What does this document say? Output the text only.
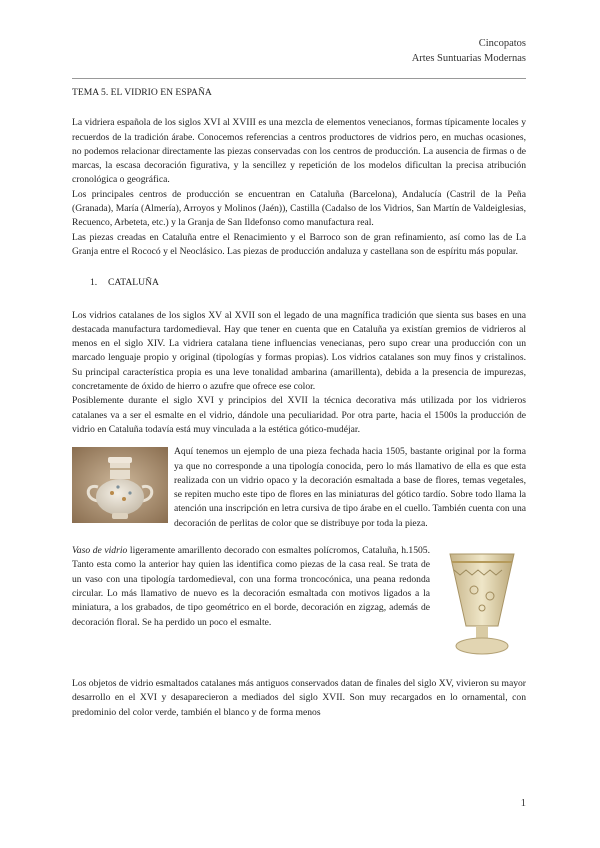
Cincopatos
Artes Suntuarias Modernas

TEMA 5. EL VIDRIO EN ESPAÑA

La vidriera española de los siglos XVI al XVIII es una mezcla de elementos venecianos, formas típicamente locales y recuerdos de la tradición árabe. Conocemos referencias a centros productores de vidrios pero, en muchas ocasiones, no podemos relacionar directamente las piezas conservadas con los centros de producción. La ausencia de firmas o de marcas, la escasa decoración figurativa, y la sencillez y repetición de los modelos dificultan la precisa atribución cronológica o geográfica.

Los principales centros de producción se encuentran en Cataluña (Barcelona), Andalucía (Castril de la Peña (Granada), María (Almería), Arroyos y Molinos (Jaén)), Castilla (Cadalso de los Vidrios, San Martín de Valdeiglesias, Recuenco, Arbeteta, etc.) y la Granja de San Ildefonso como manufactura real.

Las piezas creadas en Cataluña entre el Renacimiento y el Barroco son de gran refinamiento, así como las de La Granja entre el Rococó y el Neoclásico. Las piezas de producción andaluza y castellana son de espíritu más popular.

1. CATALUÑA

Los vidrios catalanes de los siglos XV al XVII son el legado de una magnífica tradición que sienta sus bases en una destacada manufactura tardomedieval. Hay que tener en cuenta que en Cataluña ya existían gremios de vidrieros al menos en el siglo XIV. La vidriera catalana tiene influencias venecianas, pero supo crear una producción con un marcado lenguaje propio y original (tipologías y formas propias). Los vidrios catalanes son muy finos y cristalinos. Su principal característica propia es una leve tonalidad ambarina (amarillenta), debida a la presencia de impurezas, concretamente de óxido de hierro o azufre que ofrece ese color.

Posiblemente durante el siglo XVI y principios del XVII la técnica decorativa más utilizada por los vidrieros catalanes va a ser el esmalte en el vidrio, dándole una peculiaridad. Por otra parte, hacia el 1500s la producción de vidrio en Cataluña todavía está muy vinculada a la estética gótico-mudéjar.

Aquí tenemos un ejemplo de una pieza fechada hacia 1505, bastante original por la forma ya que no corresponde a una tipología conocida, pero lo más llamativo de ella es que esta realizada con un vidrio opaco y la decoración esmaltada a base de flores, temas vegetales, se repiten mucho este tipo de flores en las miniaturas del gótico tardío. Sobre todo llama la atención una inscripción en letra cursiva de tipo árabe en el cuello. También cuenta con una decoración de perlitas de color que se distribuye por toda la pieza.

Vaso de vidrio ligeramente amarillento decorado con esmaltes polícromos, Cataluña, h.1505. Tanto esta como la anterior hay quien las identifica como piezas de la casa real. Se trata de un vaso con una tipología tardomedieval, con una forma troncocónica, una peana redonda circular. Lo más llamativo de nuevo es la decoración esmaltada con motivos ligados a la miniatura, a los grabados, de tipo geométrico en el borde, decoración en zigzag, además de decoración floral. Se ha perdido un poco el esmalte.

Los objetos de vidrio esmaltados catalanes más antiguos conservados datan de finales del siglo XV, vivieron su mayor desarrollo en el XVI y desaparecieron a mediados del siglo XVII. Son muy recargados en lo ornamental, con predominio del color verde, también el blanco y de forma menos

1
